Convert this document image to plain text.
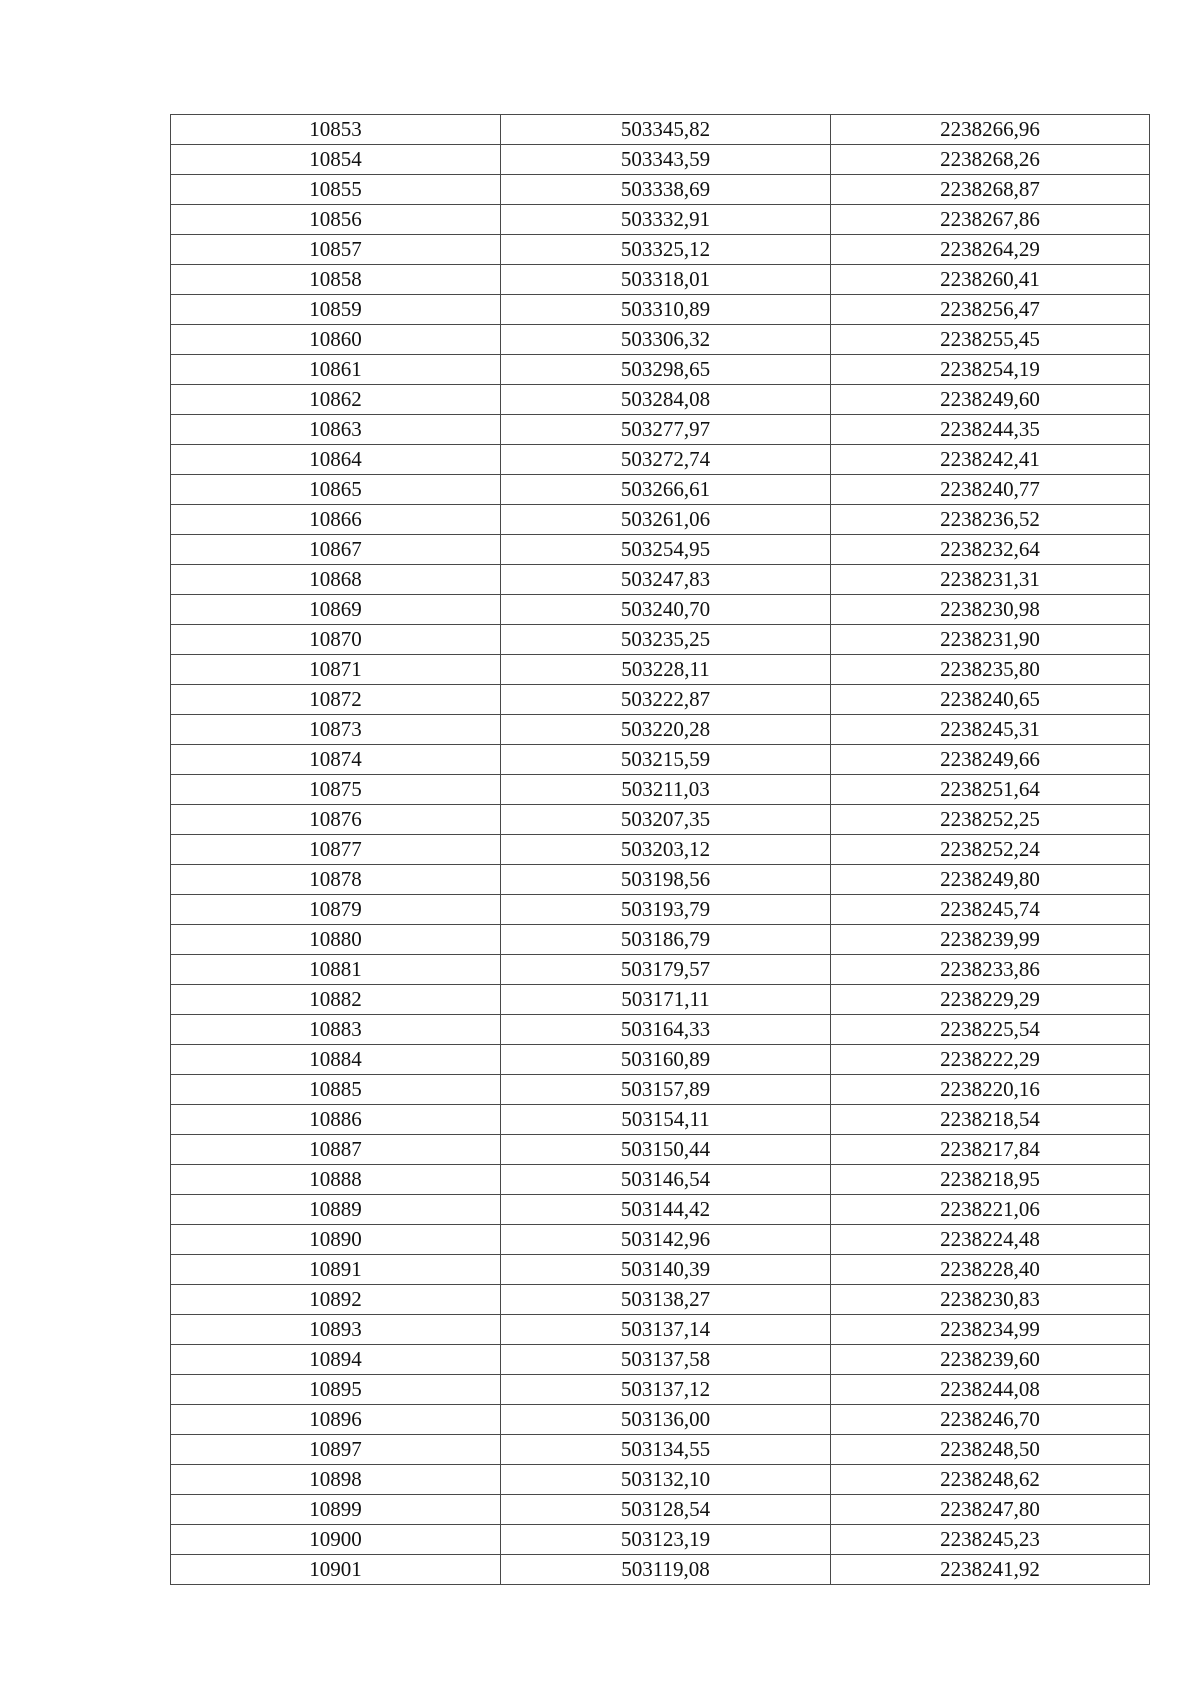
10853	503345,82	2238266,96
10854	503343,59	2238268,26
10855	503338,69	2238268,87
10856	503332,91	2238267,86
10857	503325,12	2238264,29
10858	503318,01	2238260,41
10859	503310,89	2238256,47
10860	503306,32	2238255,45
10861	503298,65	2238254,19
10862	503284,08	2238249,60
10863	503277,97	2238244,35
10864	503272,74	2238242,41
10865	503266,61	2238240,77
10866	503261,06	2238236,52
10867	503254,95	2238232,64
10868	503247,83	2238231,31
10869	503240,70	2238230,98
10870	503235,25	2238231,90
10871	503228,11	2238235,80
10872	503222,87	2238240,65
10873	503220,28	2238245,31
10874	503215,59	2238249,66
10875	503211,03	2238251,64
10876	503207,35	2238252,25
10877	503203,12	2238252,24
10878	503198,56	2238249,80
10879	503193,79	2238245,74
10880	503186,79	2238239,99
10881	503179,57	2238233,86
10882	503171,11	2238229,29
10883	503164,33	2238225,54
10884	503160,89	2238222,29
10885	503157,89	2238220,16
10886	503154,11	2238218,54
10887	503150,44	2238217,84
10888	503146,54	2238218,95
10889	503144,42	2238221,06
10890	503142,96	2238224,48
10891	503140,39	2238228,40
10892	503138,27	2238230,83
10893	503137,14	2238234,99
10894	503137,58	2238239,60
10895	503137,12	2238244,08
10896	503136,00	2238246,70
10897	503134,55	2238248,50
10898	503132,10	2238248,62
10899	503128,54	2238247,80
10900	503123,19	2238245,23
10901	503119,08	2238241,92
